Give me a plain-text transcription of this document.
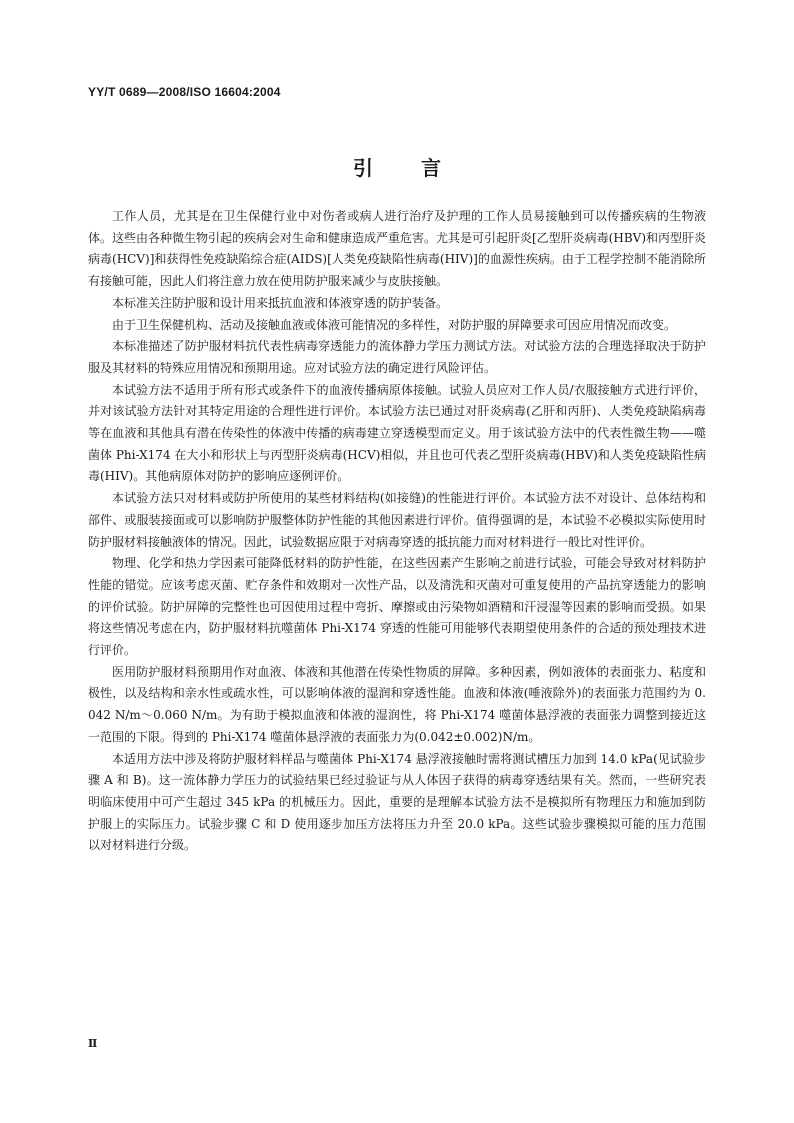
YY/T 0689—2008/ISO 16604:2004

引言

工作人员，尤其是在卫生保健行业中对伤者或病人进行治疗及护理的工作人员易接触到可以传播疾病的生物液体。这些由各种微生物引起的疾病会对生命和健康造成严重危害。尤其是可引起肝炎[乙型肝炎病毒(HBV)和丙型肝炎病毒(HCV)]和获得性免疫缺陷综合症(AIDS)[人类免疫缺陷性病毒(HIV)]的血源性疾病。由于工程学控制不能消除所有接触可能，因此人们将注意力放在使用防护服来减少与皮肤接触。

本标准关注防护服和设计用来抵抗血液和体液穿透的防护装备。

由于卫生保健机构、活动及接触血液或体液可能情况的多样性，对防护服的屏障要求可因应用情况而改变。

本标准描述了防护服材料抗代表性病毒穿透能力的流体静力学压力测试方法。对试验方法的合理选择取决于防护服及其材料的特殊应用情况和预期用途。应对试验方法的确定进行风险评估。

本试验方法不适用于所有形式或条件下的血液传播病原体接触。试验人员应对工作人员/衣服接触方式进行评价，并对该试验方法针对其特定用途的合理性进行评价。本试验方法已通过对肝炎病毒(乙肝和丙肝)、人类免疫缺陷病毒等在血液和其他具有潜在传染性的体液中传播的病毒建立穿透模型而定义。用于该试验方法中的代表性微生物——噬菌体 Phi-X174 在大小和形状上与丙型肝炎病毒(HCV)相似，并且也可代表乙型肝炎病毒(HBV)和人类免疫缺陷性病毒(HIV)。其他病原体对防护的影响应逐例评价。

本试验方法只对材料或防护所使用的某些材料结构(如接缝)的性能进行评价。本试验方法不对设计、总体结构和部件、或服装接面或可以影响防护服整体防护性能的其他因素进行评价。值得强调的是，本试验不必模拟实际使用时防护服材料接触液体的情况。因此，试验数据应限于对病毒穿透的抵抗能力而对材料进行一般比对性评价。

物理、化学和热力学因素可能降低材料的防护性能，在这些因素产生影响之前进行试验，可能会导致对材料防护性能的错觉。应该考虑灭菌、贮存条件和效期对一次性产品，以及清洗和灭菌对可重复使用的产品抗穿透能力的影响的评价试验。防护屏障的完整性也可因使用过程中弯折、摩擦或由污染物如酒精和汗浸湿等因素的影响而受损。如果将这些情况考虑在内，防护服材料抗噬菌体 Phi-X174 穿透的性能可用能够代表期望使用条件的合适的预处理技术进行评价。

医用防护服材料预期用作对血液、体液和其他潜在传染性物质的屏障。多种因素，例如液体的表面张力、粘度和极性，以及结构和亲水性或疏水性，可以影响体液的湿润和穿透性能。血液和体液(唾液除外)的表面张力范围约为 0.042 N/m～0.060 N/m。为有助于模拟血液和体液的湿润性，将 Phi-X174 噬菌体悬浮液的表面张力调整到接近这一范围的下限。得到的 Phi-X174 噬菌体悬浮液的表面张力为(0.042±0.002)N/m。

本适用方法中涉及将防护服材料样品与噬菌体 Phi-X174 悬浮液接触时需将测试槽压力加到 14.0 kPa(见试验步骤 A 和 B)。这一流体静力学压力的试验结果已经过验证与从人体因子获得的病毒穿透结果有关。然而，一些研究表明临床使用中可产生超过 345 kPa 的机械压力。因此，重要的是理解本试验方法不是模拟所有物理压力和施加到防护服上的实际压力。试验步骤 C 和 D 使用逐步加压方法将压力升至 20.0 kPa。这些试验步骤模拟可能的压力范围以对材料进行分级。

Ⅱ
